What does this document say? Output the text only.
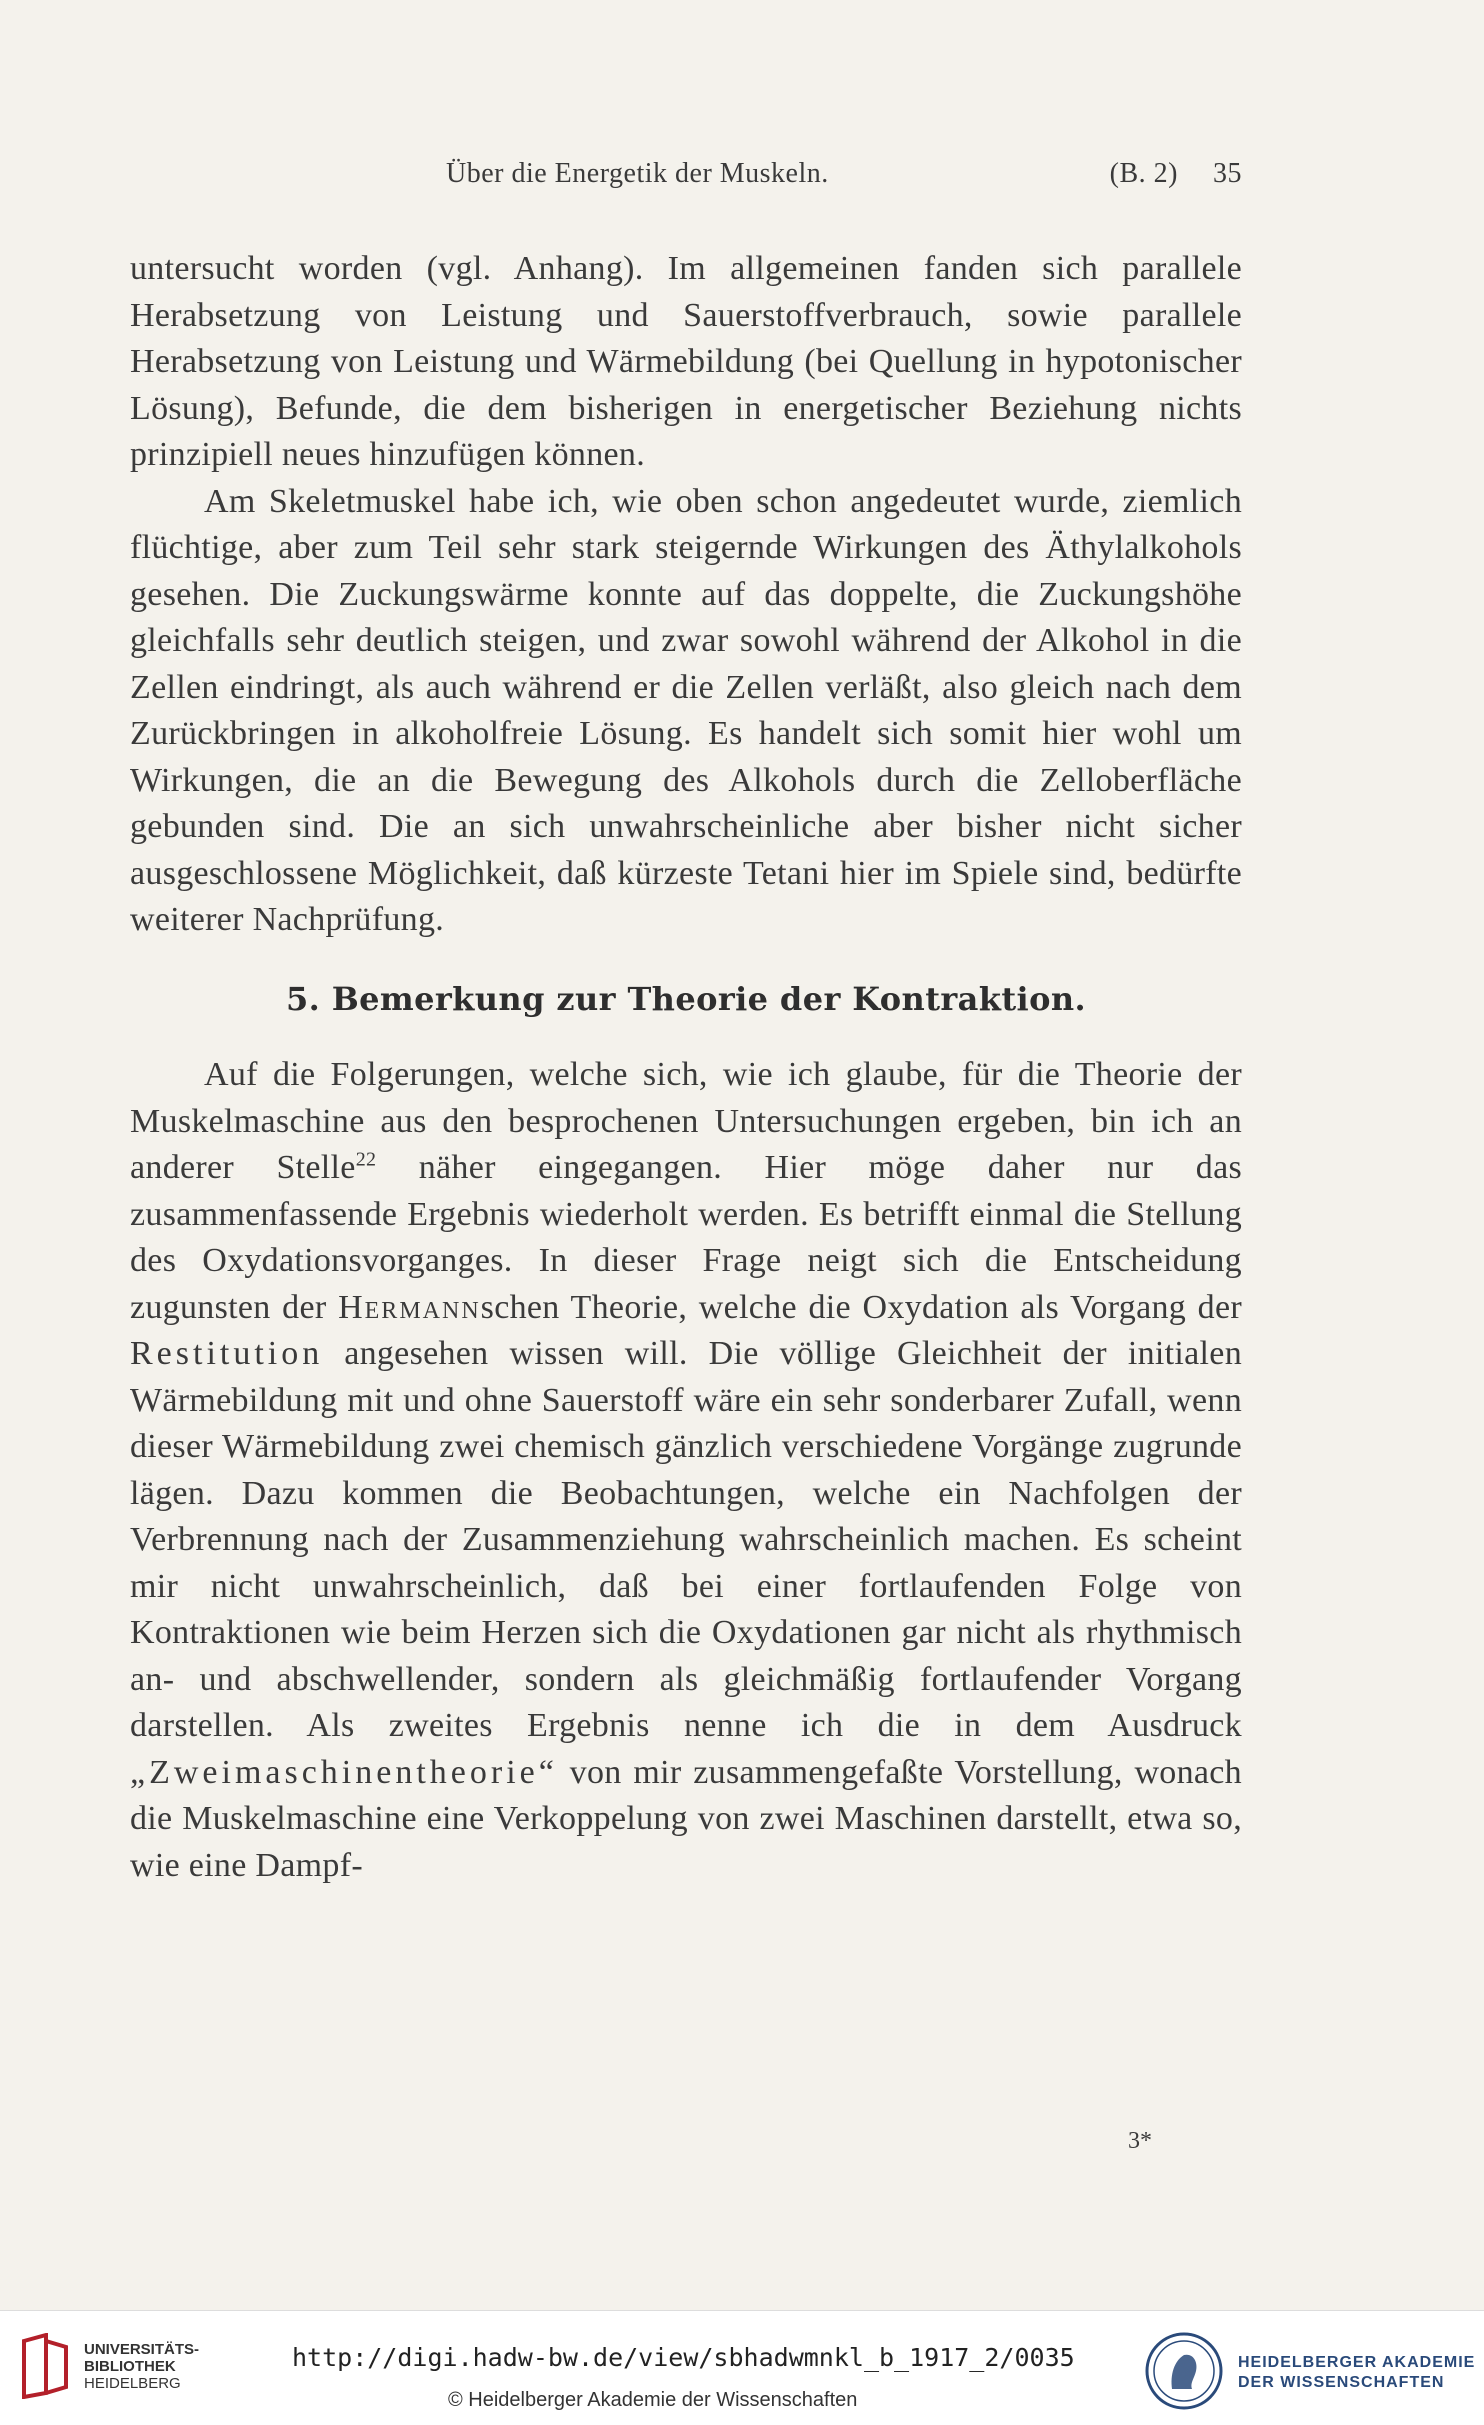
Über die Energetik der Muskeln.	(B. 2) 35

untersucht worden (vgl. Anhang). Im allgemeinen fanden sich parallele Herabsetzung von Leistung und Sauerstoffverbrauch, sowie parallele Herabsetzung von Leistung und Wärmebildung (bei Quellung in hypotonischer Lösung), Befunde, die dem bisherigen in energetischer Beziehung nichts prinzipiell neues hinzufügen können.

Am Skeletmuskel habe ich, wie oben schon angedeutet wurde, ziemlich flüchtige, aber zum Teil sehr stark steigernde Wirkungen des Äthylalkohols gesehen. Die Zuckungswärme konnte auf das doppelte, die Zuckungshöhe gleichfalls sehr deutlich steigen, und zwar sowohl während der Alkohol in die Zellen eindringt, als auch während er die Zellen verläßt, also gleich nach dem Zurückbringen in alkoholfreie Lösung. Es handelt sich somit hier wohl um Wirkungen, die an die Bewegung des Alkohols durch die Zelloberfläche gebunden sind. Die an sich unwahrscheinliche aber bisher nicht sicher ausgeschlossene Möglichkeit, daß kürzeste Tetani hier im Spiele sind, bedürfte weiterer Nachprüfung.

5. Bemerkung zur Theorie der Kontraktion.

Auf die Folgerungen, welche sich, wie ich glaube, für die Theorie der Muskelmaschine aus den besprochenen Untersuchungen ergeben, bin ich an anderer Stelle$^{22}$ näher eingegangen. Hier möge daher nur das zusammenfassende Ergebnis wiederholt werden. Es betrifft einmal die Stellung des Oxydationsvorganges. In dieser Frage neigt sich die Entscheidung zugunsten der Hermannschen Theorie, welche die Oxydation als Vorgang der Restitution angesehen wissen will. Die völlige Gleichheit der initialen Wärmebildung mit und ohne Sauerstoff wäre ein sehr sonderbarer Zufall, wenn dieser Wärmebildung zwei chemisch gänzlich verschiedene Vorgänge zugrunde lägen. Dazu kommen die Beobachtungen, welche ein Nachfolgen der Verbrennung nach der Zusammenziehung wahrscheinlich machen. Es scheint mir nicht unwahrscheinlich, daß bei einer fortlaufenden Folge von Kontraktionen wie beim Herzen sich die Oxydationen gar nicht als rhythmisch an- und abschwellender, sondern als gleichmäßig fortlaufender Vorgang darstellen. Als zweites Ergebnis nenne ich die in dem Ausdruck „Zweimaschinentheorie“ von mir zusammengefaßte Vorstellung, wonach die Muskelmaschine eine Verkoppelung von zwei Maschinen darstellt, etwa so, wie eine Dampf-

3*
UNIVERSITÄTS-
BIBLIOTHEK
HEIDELBERG
http://digi.hadw-bw.de/view/sbhadwmnkl_b_1917_2/0035
© Heidelberger Akademie der Wissenschaften
HEIDELBERGER AKADEMIE
DER WISSENSCHAFTEN
